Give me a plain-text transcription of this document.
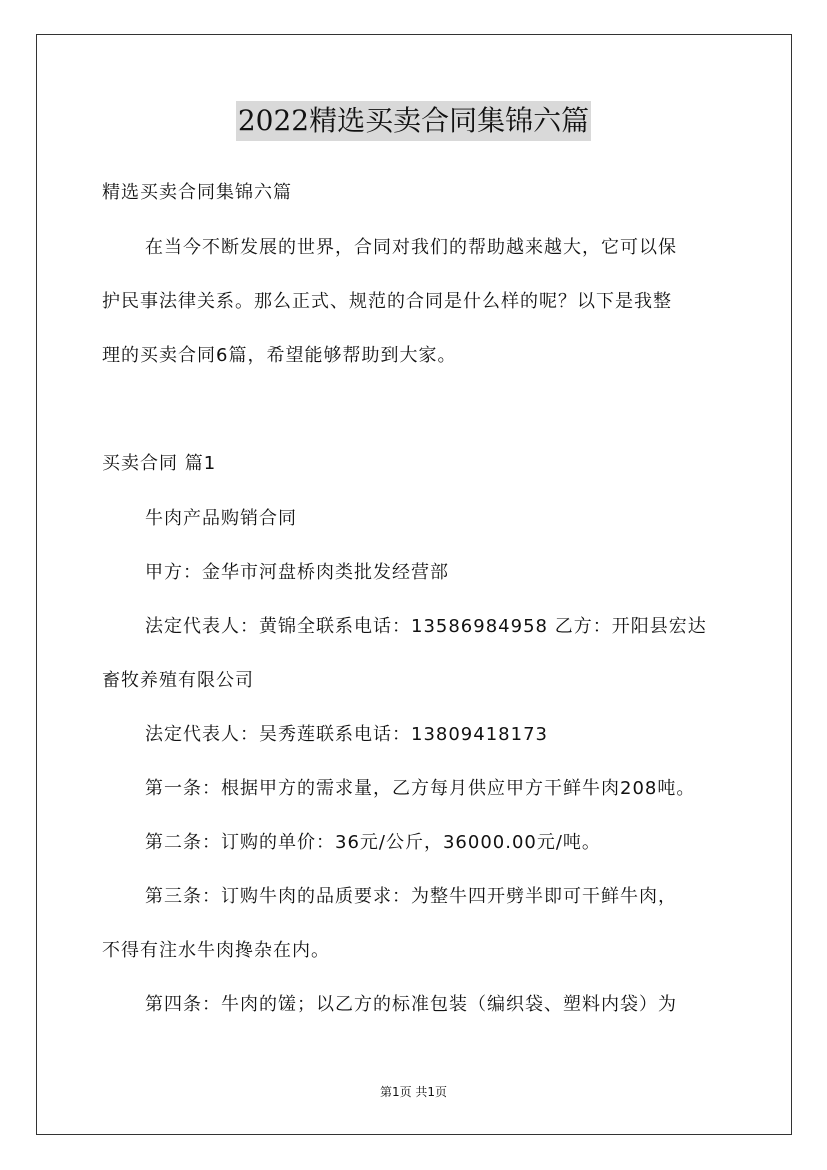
2022精选买卖合同集锦六篇
精选买卖合同集锦六篇
在当今不断发展的世界，合同对我们的帮助越来越大，它可以保
护民事法律关系。那么正式、规范的合同是什么样的呢？以下是我整
理的买卖合同6篇，希望能够帮助到大家。
买卖合同 篇1
牛肉产品购销合同
甲方：金华市河盘桥肉类批发经营部
法定代表人：黄锦全联系电话：13586984958 乙方：开阳县宏达
畜牧养殖有限公司
法定代表人：吴秀莲联系电话：13809418173
第一条：根据甲方的需求量，乙方每月供应甲方干鲜牛肉208吨。
第二条：订购的单价：36元/公斤，36000.00元/吨。
第三条：订购牛肉的品质要求：为整牛四开劈半即可干鲜牛肉，
不得有注水牛肉搀杂在内。
第四条：牛肉的馐；以乙方的标准包装（编织袋、塑料内袋）为
第1页 共1页
